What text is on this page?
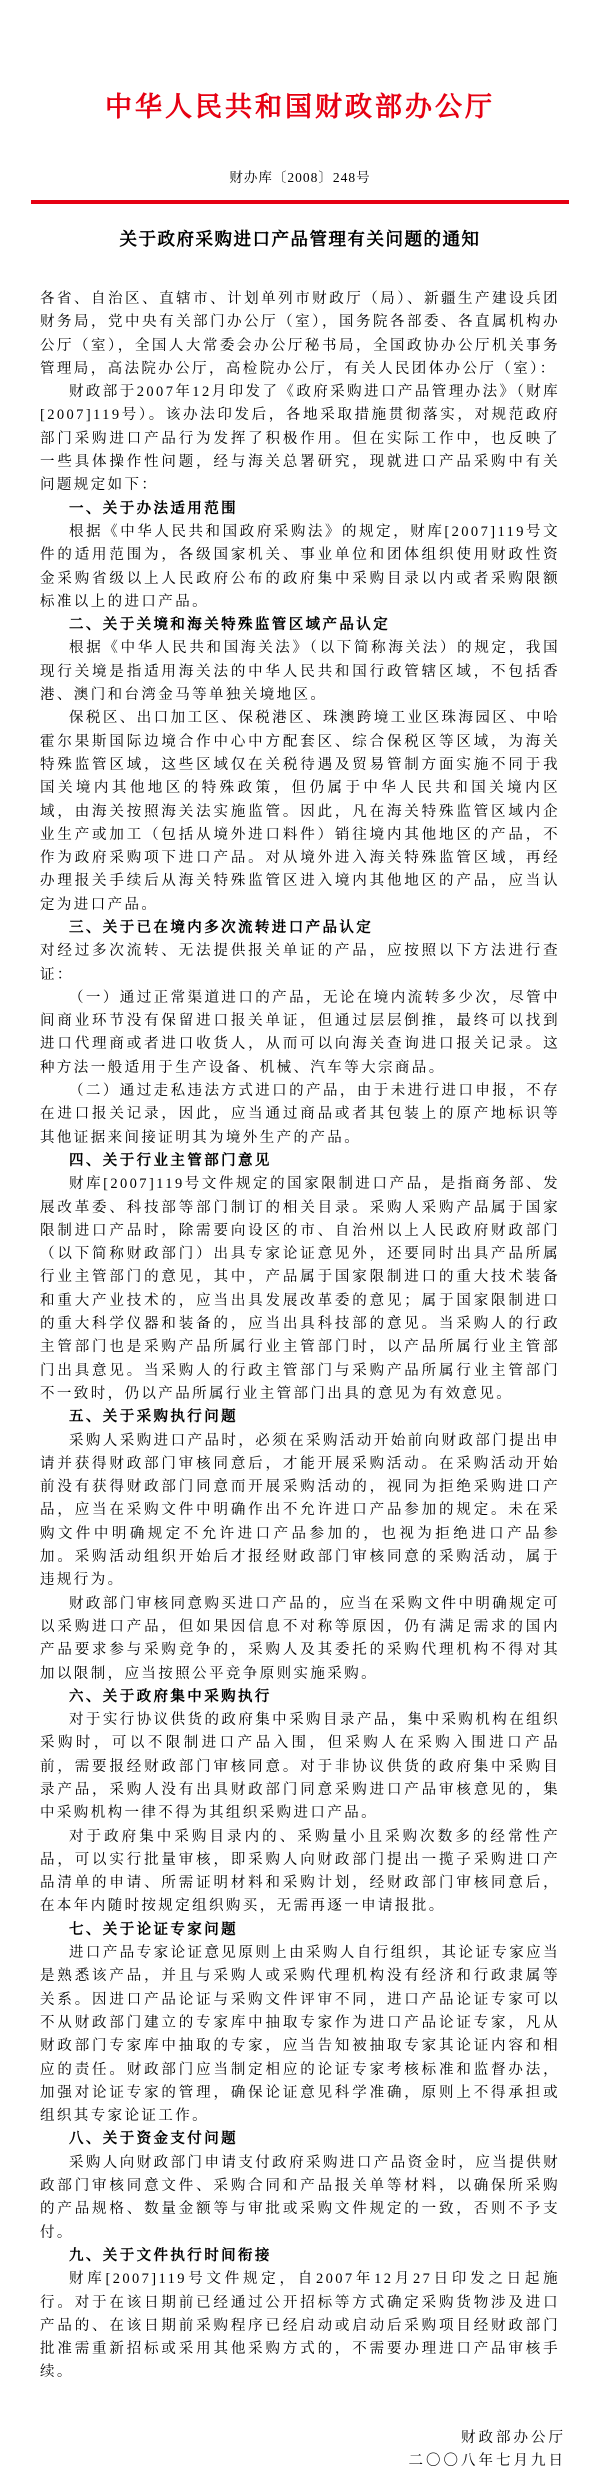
中华人民共和国财政部办公厅
财办库〔2008〕248号
关于政府采购进口产品管理有关问题的通知

各省、自治区、直辖市、计划单列市财政厅（局）、新疆生产建设兵团财务局，党中央有关部门办公厅（室），国务院各部委、各直属机构办公厅（室），全国人大常委会办公厅秘书局，全国政协办公厅机关事务管理局，高法院办公厅，高检院办公厅，有关人民团体办公厅（室）：

财政部于2007年12月印发了《政府采购进口产品管理办法》（财库[2007]119号）。该办法印发后，各地采取措施贯彻落实，对规范政府部门采购进口产品行为发挥了积极作用。但在实际工作中，也反映了一些具体操作性问题，经与海关总署研究，现就进口产品采购中有关问题规定如下：

一、关于办法适用范围

根据《中华人民共和国政府采购法》的规定，财库[2007]119号文件的适用范围为，各级国家机关、事业单位和团体组织使用财政性资金采购省级以上人民政府公布的政府集中采购目录以内或者采购限额标准以上的进口产品。

二、关于关境和海关特殊监管区域产品认定

根据《中华人民共和国海关法》（以下简称海关法）的规定，我国现行关境是指适用海关法的中华人民共和国行政管辖区域，不包括香港、澳门和台湾金马等单独关境地区。

保税区、出口加工区、保税港区、珠澳跨境工业区珠海园区、中哈霍尔果斯国际边境合作中心中方配套区、综合保税区等区域，为海关特殊监管区域，这些区域仅在关税待遇及贸易管制方面实施不同于我国关境内其他地区的特殊政策，但仍属于中华人民共和国关境内区域，由海关按照海关法实施监管。因此，凡在海关特殊监管区域内企业生产或加工（包括从境外进口料件）销往境内其他地区的产品，不作为政府采购项下进口产品。对从境外进入海关特殊监管区域，再经办理报关手续后从海关特殊监管区进入境内其他地区的产品，应当认定为进口产品。

三、关于已在境内多次流转进口产品认定

对经过多次流转、无法提供报关单证的产品，应按照以下方法进行查证：

（一）通过正常渠道进口的产品，无论在境内流转多少次，尽管中间商业环节没有保留进口报关单证，但通过层层倒推，最终可以找到进口代理商或者进口收货人，从而可以向海关查询进口报关记录。这种方法一般适用于生产设备、机械、汽车等大宗商品。

（二）通过走私违法方式进口的产品，由于未进行进口申报，不存在进口报关记录，因此，应当通过商品或者其包装上的原产地标识等其他证据来间接证明其为境外生产的产品。

四、关于行业主管部门意见

财库[2007]119号文件规定的国家限制进口产品，是指商务部、发展改革委、科技部等部门制订的相关目录。采购人采购产品属于国家限制进口产品时，除需要向设区的市、自治州以上人民政府财政部门（以下简称财政部门）出具专家论证意见外，还要同时出具产品所属行业主管部门的意见，其中，产品属于国家限制进口的重大技术装备和重大产业技术的，应当出具发展改革委的意见；属于国家限制进口的重大科学仪器和装备的，应当出具科技部的意见。当采购人的行政主管部门也是采购产品所属行业主管部门时，以产品所属行业主管部门出具意见。当采购人的行政主管部门与采购产品所属行业主管部门不一致时，仍以产品所属行业主管部门出具的意见为有效意见。

五、关于采购执行问题

采购人采购进口产品时，必须在采购活动开始前向财政部门提出申请并获得财政部门审核同意后，才能开展采购活动。在采购活动开始前没有获得财政部门同意而开展采购活动的，视同为拒绝采购进口产品，应当在采购文件中明确作出不允许进口产品参加的规定。未在采购文件中明确规定不允许进口产品参加的，也视为拒绝进口产品参加。采购活动组织开始后才报经财政部门审核同意的采购活动，属于违规行为。

财政部门审核同意购买进口产品的，应当在采购文件中明确规定可以采购进口产品，但如果因信息不对称等原因，仍有满足需求的国内产品要求参与采购竞争的，采购人及其委托的采购代理机构不得对其加以限制，应当按照公平竞争原则实施采购。

六、关于政府集中采购执行

对于实行协议供货的政府集中采购目录产品，集中采购机构在组织采购时，可以不限制进口产品入围，但采购人在采购入围进口产品前，需要报经财政部门审核同意。对于非协议供货的政府集中采购目录产品，采购人没有出具财政部门同意采购进口产品审核意见的，集中采购机构一律不得为其组织采购进口产品。

对于政府集中采购目录内的、采购量小且采购次数多的经常性产品，可以实行批量审核，即采购人向财政部门提出一揽子采购进口产品清单的申请、所需证明材料和采购计划，经财政部门审核同意后，在本年内随时按规定组织购买，无需再逐一申请报批。

七、关于论证专家问题

进口产品专家论证意见原则上由采购人自行组织，其论证专家应当是熟悉该产品，并且与采购人或采购代理机构没有经济和行政隶属等关系。因进口产品论证与采购文件评审不同，进口产品论证专家可以不从财政部门建立的专家库中抽取专家作为进口产品论证专家，凡从财政部门专家库中抽取的专家，应当告知被抽取专家其论证内容和相应的责任。财政部门应当制定相应的论证专家考核标准和监督办法，加强对论证专家的管理，确保论证意见科学准确，原则上不得承担或组织其专家论证工作。

八、关于资金支付问题

采购人向财政部门申请支付政府采购进口产品资金时，应当提供财政部门审核同意文件、采购合同和产品报关单等材料，以确保所采购的产品规格、数量金额等与审批或采购文件规定的一致，否则不予支付。

九、关于文件执行时间衔接

财库[2007]119号文件规定，自2007年12月27日印发之日起施行。对于在该日期前已经通过公开招标等方式确定采购货物涉及进口产品的、在该日期前采购程序已经启动或启动后采购项目经财政部门批准需重新招标或采用其他采购方式的，不需要办理进口产品审核手续。

财政部办公厅

二〇〇八年七月九日
